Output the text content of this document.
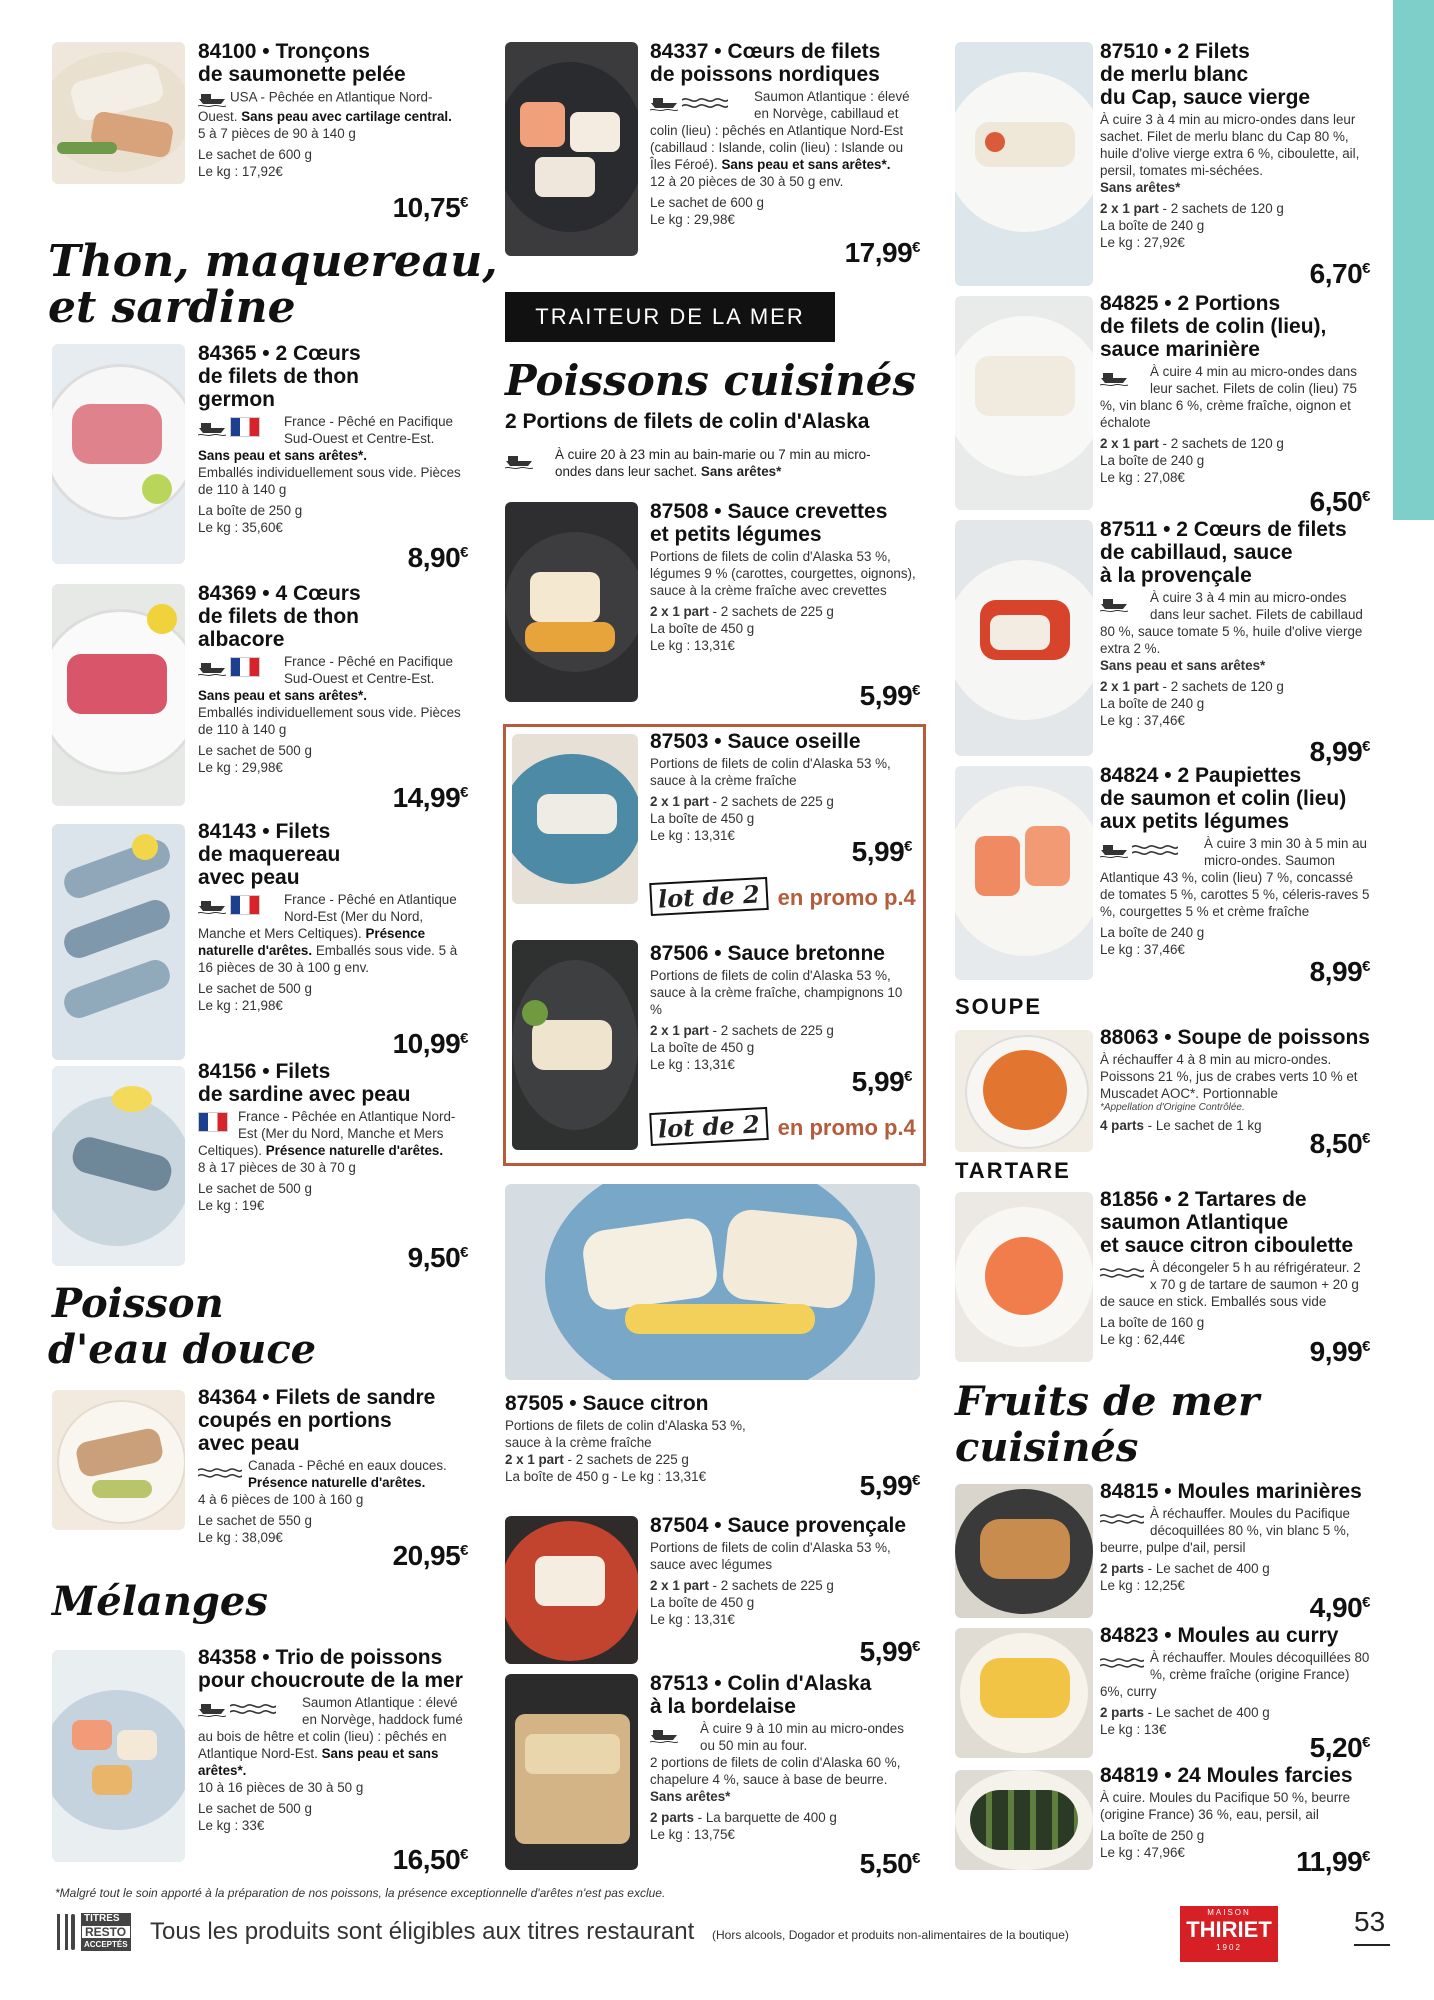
84100 • Tronçons
de saumonette pelée
USA - Pêchée en Atlantique Nord-Ouest. Sans peau avec cartilage central.
5 à 7 pièces de 90 à 140 g
Le sachet de 600 g
Le kg : 17,92€
10,75€
Thon, maquereau,
et sardine
84365 • 2 Cœurs
de filets de thon
germon
France - Pêché en Pacifique Sud-Ouest et Centre-Est.
Sans peau et sans arêtes*.
Emballés individuellement sous vide. Pièces de 110 à 140 g
La boîte de 250 g
Le kg : 35,60€
8,90€
84369 • 4 Cœurs
de filets de thon
albacore
France - Pêché en Pacifique Sud-Ouest et Centre-Est.
Sans peau et sans arêtes*.
Emballés individuellement sous vide. Pièces de 110 à 140 g
Le sachet de 500 g
Le kg : 29,98€
14,99€
84143 • Filets
de maquereau
avec peau
France - Pêché en Atlantique Nord-Est (Mer du Nord, Manche et Mers Celtiques). Présence naturelle d'arêtes. Emballés sous vide. 5 à 16 pièces de 30 à 100 g env.
Le sachet de 500 g
Le kg : 21,98€
10,99€
84156 • Filets
de sardine avec peau
France - Pêchée en Atlantique Nord-Est (Mer du Nord, Manche et Mers Celtiques). Présence naturelle d'arêtes.
8 à 17 pièces de 30 à 70 g
Le sachet de 500 g
Le kg : 19€
9,50€
Poisson
d'eau douce
84364 • Filets de sandre
coupés en portions
avec peau
Canada - Pêché en eaux douces. Présence naturelle d'arêtes.
4 à 6 pièces de 100 à 160 g
Le sachet de 550 g
Le kg : 38,09€
20,95€
Mélanges
84358 • Trio de poissons
pour choucroute de la mer
Saumon Atlantique : élevé en Norvège, haddock fumé au bois de hêtre et colin (lieu) : pêchés en Atlantique Nord-Est. Sans peau et sans arêtes*.
10 à 16 pièces de 30 à 50 g
Le sachet de 500 g
Le kg : 33€
16,50€
84337 • Cœurs de filets
de poissons nordiques
Saumon Atlantique : élevé en Norvège, cabillaud et colin (lieu) : pêchés en Atlantique Nord-Est (cabillaud : Islande, colin (lieu) : Islande ou Îles Féroé). Sans peau et sans arêtes*.
12 à 20 pièces de 30 à 50 g env.
Le sachet de 600 g
Le kg : 29,98€
17,99€
TRAITEUR DE LA MER
Poissons cuisinés
2 Portions de filets de colin d'Alaska
À cuire 20 à 23 min au bain-marie ou 7 min au micro-ondes dans leur sachet. Sans arêtes*
87508 • Sauce crevettes
et petits légumes
Portions de filets de colin d'Alaska 53 %, légumes 9 % (carottes, courgettes, oignons), sauce à la crème fraîche avec crevettes
2 x 1 part - 2 sachets de 225 g
La boîte de 450 g
Le kg : 13,31€
5,99€
87503 • Sauce oseille
Portions de filets de colin d'Alaska 53 %, sauce à la crème fraîche
2 x 1 part - 2 sachets de 225 g
La boîte de 450 g
Le kg : 13,31€
5,99€
lot de 2 en promo p.4
87506 • Sauce bretonne
Portions de filets de colin d'Alaska 53 %, sauce à la crème fraîche, champignons 10 %
2 x 1 part - 2 sachets de 225 g
La boîte de 450 g
Le kg : 13,31€
5,99€
lot de 2 en promo p.4
87505 • Sauce citron
Portions de filets de colin d'Alaska 53 %, sauce à la crème fraîche
2 x 1 part - 2 sachets de 225 g
La boîte de 450 g - Le kg : 13,31€	5,99€
87504 • Sauce provençale
Portions de filets de colin d'Alaska 53 %, sauce avec légumes
2 x 1 part - 2 sachets de 225 g
La boîte de 450 g
Le kg : 13,31€
5,99€
87513 • Colin d'Alaska
à la bordelaise
À cuire 9 à 10 min au micro-ondes ou 50 min au four.
2 portions de filets de colin d'Alaska 60 %, chapelure 4 %, sauce à base de beurre.
Sans arêtes*
2 parts - La barquette de 400 g
Le kg : 13,75€
5,50€
87510 • 2 Filets
de merlu blanc
du Cap, sauce vierge
À cuire 3 à 4 min au micro-ondes dans leur sachet. Filet de merlu blanc du Cap 80 %, huile d'olive vierge extra 6 %, ciboulette, ail, persil, tomates mi-séchées.
Sans arêtes*
2 x 1 part - 2 sachets de 120 g
La boîte de 240 g
Le kg : 27,92€
6,70€
84825 • 2 Portions
de filets de colin (lieu),
sauce marinière
À cuire 4 min au micro-ondes dans leur sachet. Filets de colin (lieu) 75 %, vin blanc 6 %, crème fraîche, oignon et échalote
2 x 1 part - 2 sachets de 120 g
La boîte de 240 g
Le kg : 27,08€
6,50€
87511 • 2 Cœurs de filets
de cabillaud, sauce
à la provençale
À cuire 3 à 4 min au micro-ondes dans leur sachet. Filets de cabillaud 80 %, sauce tomate 5 %, huile d'olive vierge extra 2 %.
Sans peau et sans arêtes*
2 x 1 part - 2 sachets de 120 g
La boîte de 240 g
Le kg : 37,46€
8,99€
84824 • 2 Paupiettes
de saumon et colin (lieu)
aux petits légumes
À cuire 3 min 30 à 5 min au micro-ondes. Saumon Atlantique 43 %, colin (lieu) 7 %, concassé de tomates 5 %, carottes 5 %, céleris-raves 5 %, courgettes 5 % et crème fraîche
La boîte de 240 g
Le kg : 37,46€
8,99€
SOUPE
88063 • Soupe de poissons
À réchauffer 4 à 8 min au micro-ondes. Poissons 21 %, jus de crabes verts 10 % et Muscadet AOC*. Portionnable
*Appellation d'Origine Contrôlée.
4 parts - Le sachet de 1 kg
8,50€
TARTARE
81856 • 2 Tartares de
saumon Atlantique
et sauce citron ciboulette
À décongeler 5 h au réfrigérateur. 2 x 70 g de tartare de saumon + 20 g de sauce en stick. Emballés sous vide
La boîte de 160 g
Le kg : 62,44€	9,99€
Fruits de mer
cuisinés
84815 • Moules marinières
À réchauffer. Moules du Pacifique décoquillées 80 %, vin blanc 5 %, beurre, pulpe d'ail, persil
2 parts - Le sachet de 400 g
Le kg : 12,25€
4,90€
84823 • Moules au curry
À réchauffer. Moules décoquillées 80 %, crème fraîche (origine France) 6%, curry
2 parts - Le sachet de 400 g
Le kg : 13€
5,20€
84819 • 24 Moules farcies
À cuire. Moules du Pacifique 50 %, beurre (origine France) 36 %, eau, persil, ail
La boîte de 250 g
Le kg : 47,96€	11,99€
*Malgré tout le soin apporté à la préparation de nos poissons, la présence exceptionnelle d'arêtes n'est pas exclue.
TITRES
RESTO
ACCEPTÉS Tous les produits sont éligibles aux titres restaurant (Hors alcools, Dogador et produits non-alimentaires de la boutique)
MAISON
THIRIET
1902
53
